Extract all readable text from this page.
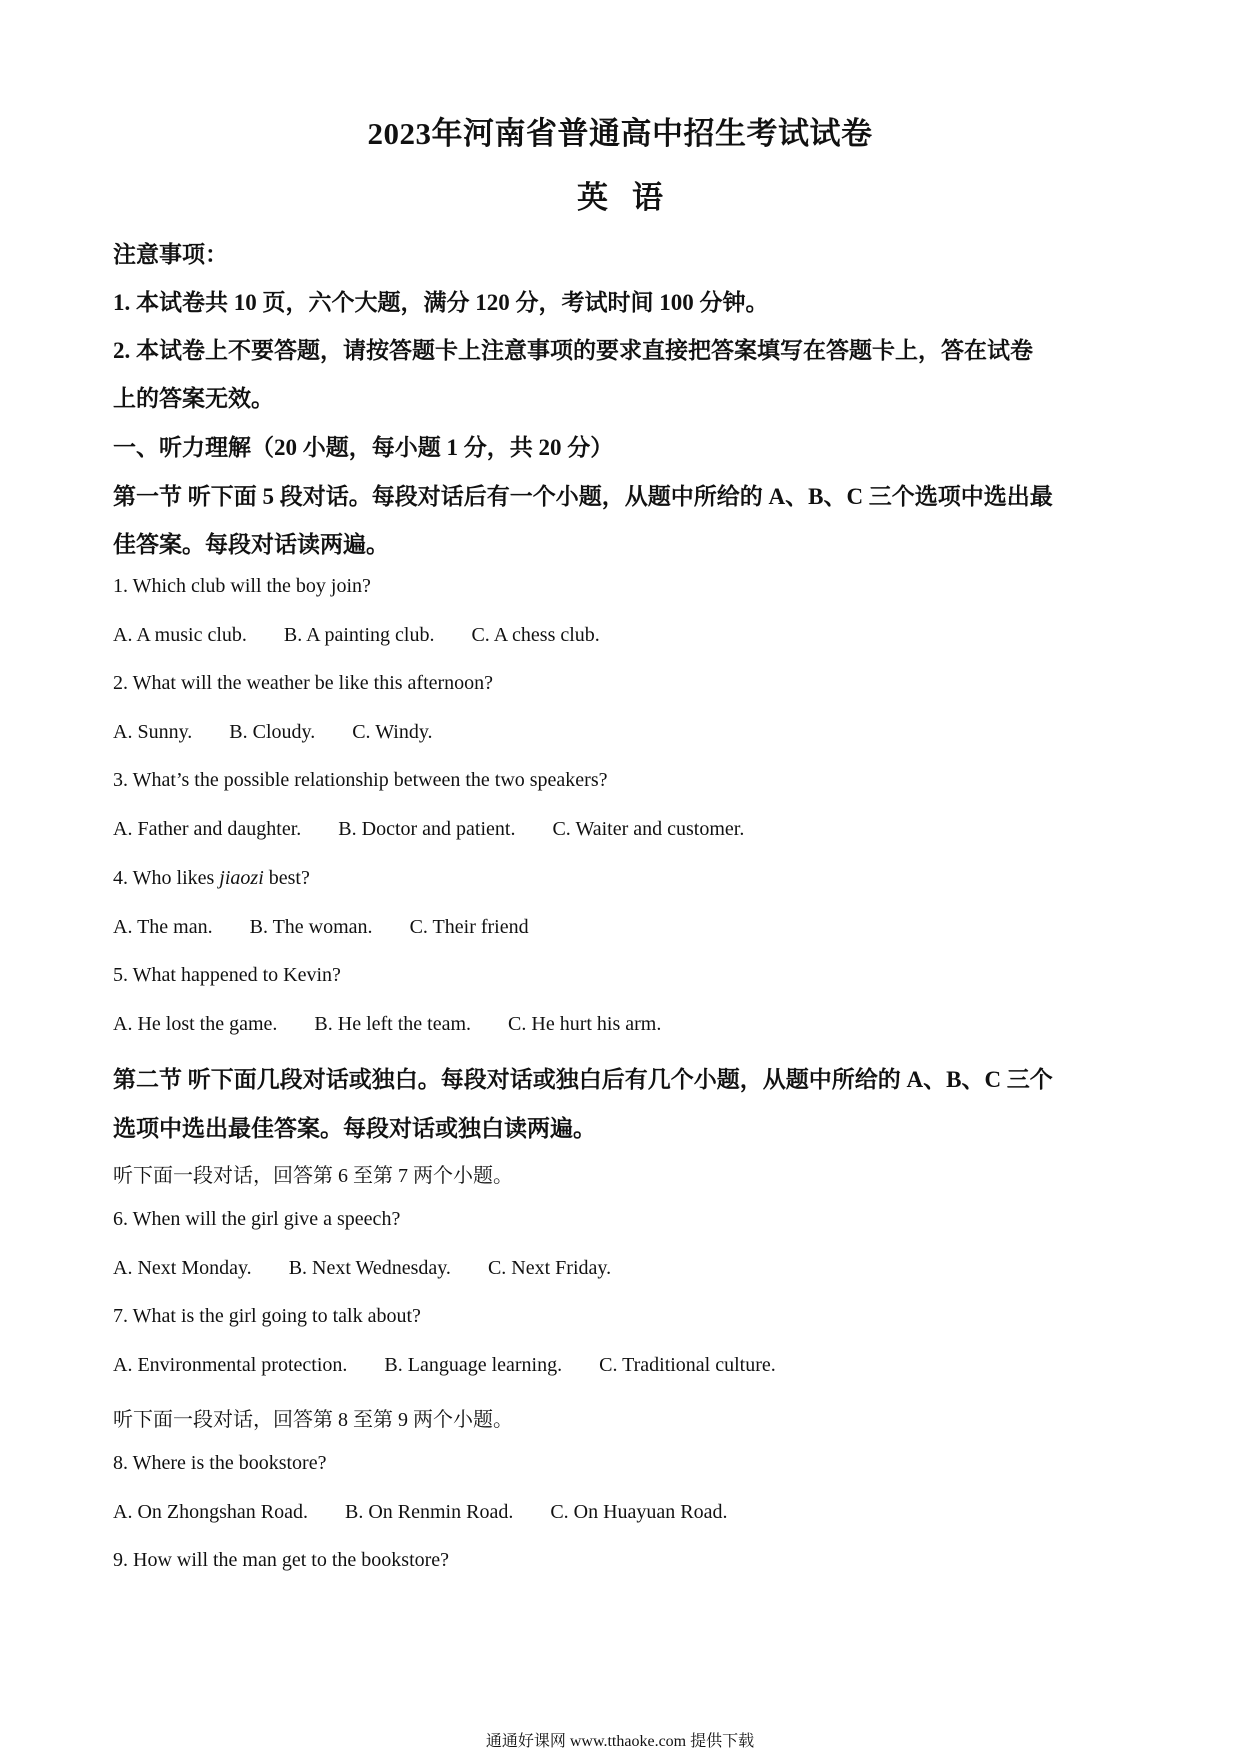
2023年河南省普通高中招生考试试卷
英语
注意事项：
1. 本试卷共 10 页，六个大题，满分 120 分，考试时间 100 分钟。
2. 本试卷上不要答题，请按答题卡上注意事项的要求直接把答案填写在答题卡上，答在试卷
上的答案无效。
一、听力理解（20 小题，每小题 1 分，共 20 分）
第一节 听下面 5 段对话。每段对话后有一个小题，从题中所给的 A、B、C 三个选项中选出最
佳答案。每段对话读两遍。
1. Which club will the boy join?
A. A music club. B. A painting club. C. A chess club.
2. What will the weather be like this afternoon?
A. Sunny. B. Cloudy. C. Windy.
3. What’s the possible relationship between the two speakers?
A. Father and daughter. B. Doctor and patient. C. Waiter and customer.
4. Who likes jiaozi best?
A. The man. B. The woman. C. Their friend
5. What happened to Kevin?
A. He lost the game. B. He left the team. C. He hurt his arm.
第二节 听下面几段对话或独白。每段对话或独白后有几个小题，从题中所给的 A、B、C 三个
选项中选出最佳答案。每段对话或独白读两遍。
听下面一段对话，回答第 6 至第 7 两个小题。
6. When will the girl give a speech?
A. Next Monday. B. Next Wednesday. C. Next Friday.
7. What is the girl going to talk about?
A. Environmental protection. B. Language learning. C. Traditional culture.
听下面一段对话，回答第 8 至第 9 两个小题。
8. Where is the bookstore?
A. On Zhongshan Road. B. On Renmin Road. C. On Huayuan Road.
9. How will the man get to the bookstore?
通通好课网 www.tthaoke.com 提供下载
